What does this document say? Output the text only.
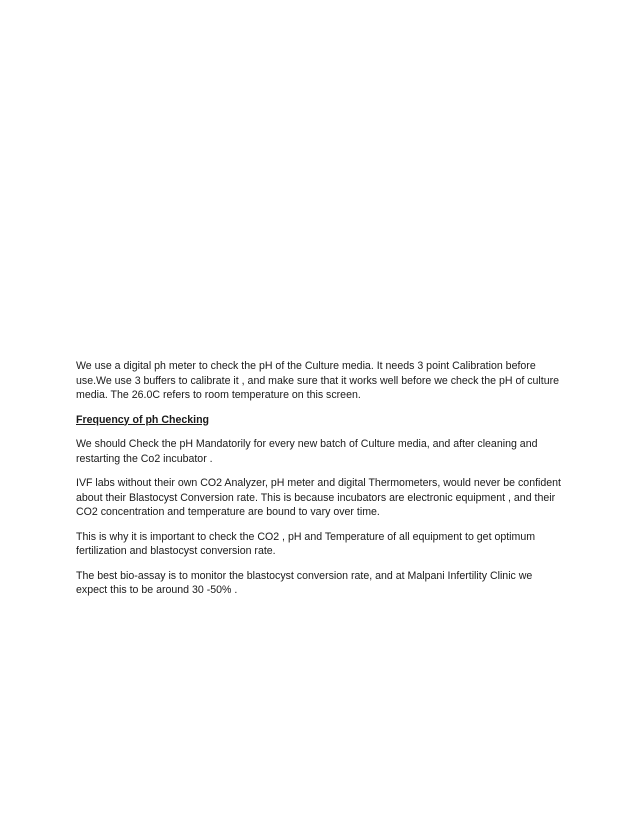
We use a digital ph meter to check the pH of the Culture media. It needs 3 point Calibration before use.We use 3 buffers to calibrate it , and make sure that it works well before we check the pH of culture media. The 26.0C refers to room temperature on this screen.

Frequency of ph Checking

We should Check the pH Mandatorily for every new batch of Culture media, and after cleaning and restarting the Co2 incubator .

IVF labs without their own CO2 Analyzer, pH meter and digital Thermometers, would never be confident about their Blastocyst Conversion rate. This is because incubators are electronic equipment , and their CO2 concentration and temperature are bound to vary over time.

This is why it is important to check the CO2 , pH and Temperature of all equipment to get optimum fertilization and blastocyst conversion rate.

The best bio-assay is to monitor the blastocyst conversion rate, and at Malpani Infertility Clinic we expect this to be around 30 -50% .
